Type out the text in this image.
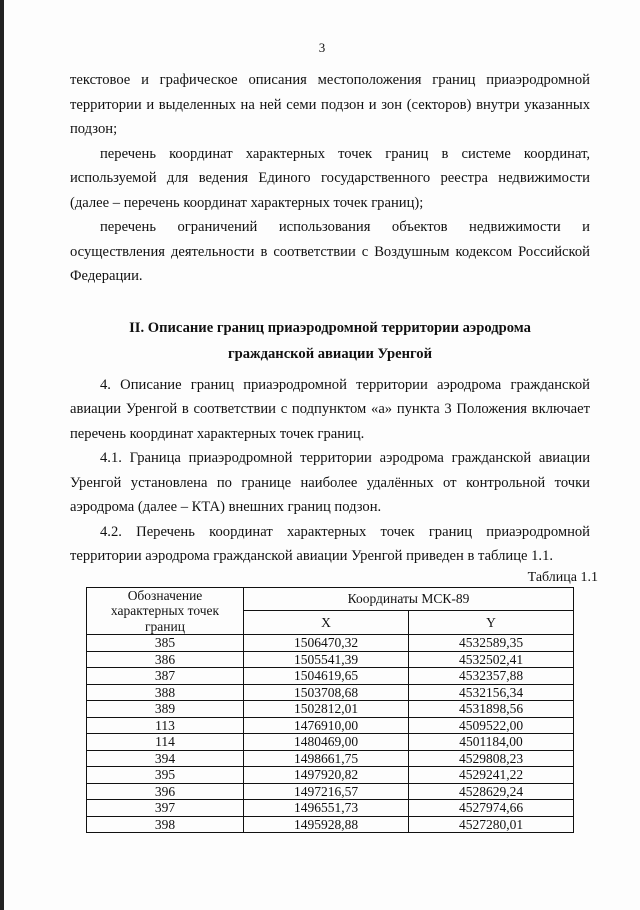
3

текстовое и графическое описания местоположения границ приаэродромной территории и выделенных на ней семи подзон и зон (секторов) внутри указанных подзон;

перечень координат характерных точек границ в системе координат, используемой для ведения Единого государственного реестра недвижимости (далее – перечень координат характерных точек границ);

перечень ограничений использования объектов недвижимости и осуществления деятельности в соответствии с Воздушным кодексом Российской Федерации.

II. Описание границ приаэродромной территории аэродрома
гражданской авиации Уренгой

4. Описание границ приаэродромной территории аэродрома гражданской авиации Уренгой в соответствии с подпунктом «а» пункта 3 Положения включает перечень координат характерных точек границ.

4.1. Граница приаэродромной территории аэродрома гражданской авиации Уренгой установлена по границе наиболее удалённых от контрольной точки аэродрома (далее – КТА) внешних границ подзон.

4.2. Перечень координат характерных точек границ приаэродромной территории аэродрома гражданской авиации Уренгой приведен в таблице 1.1.

Таблица 1.1
Обозначение характерных точек границ	Координаты МСК-89	
	X	Y
385	1506470,32	4532589,35
386	1505541,39	4532502,41
387	1504619,65	4532357,88
388	1503708,68	4532156,34
389	1502812,01	4531898,56
113	1476910,00	4509522,00
114	1480469,00	4501184,00
394	1498661,75	4529808,23
395	1497920,82	4529241,22
396	1497216,57	4528629,24
397	1496551,73	4527974,66
398	1495928,88	4527280,01
